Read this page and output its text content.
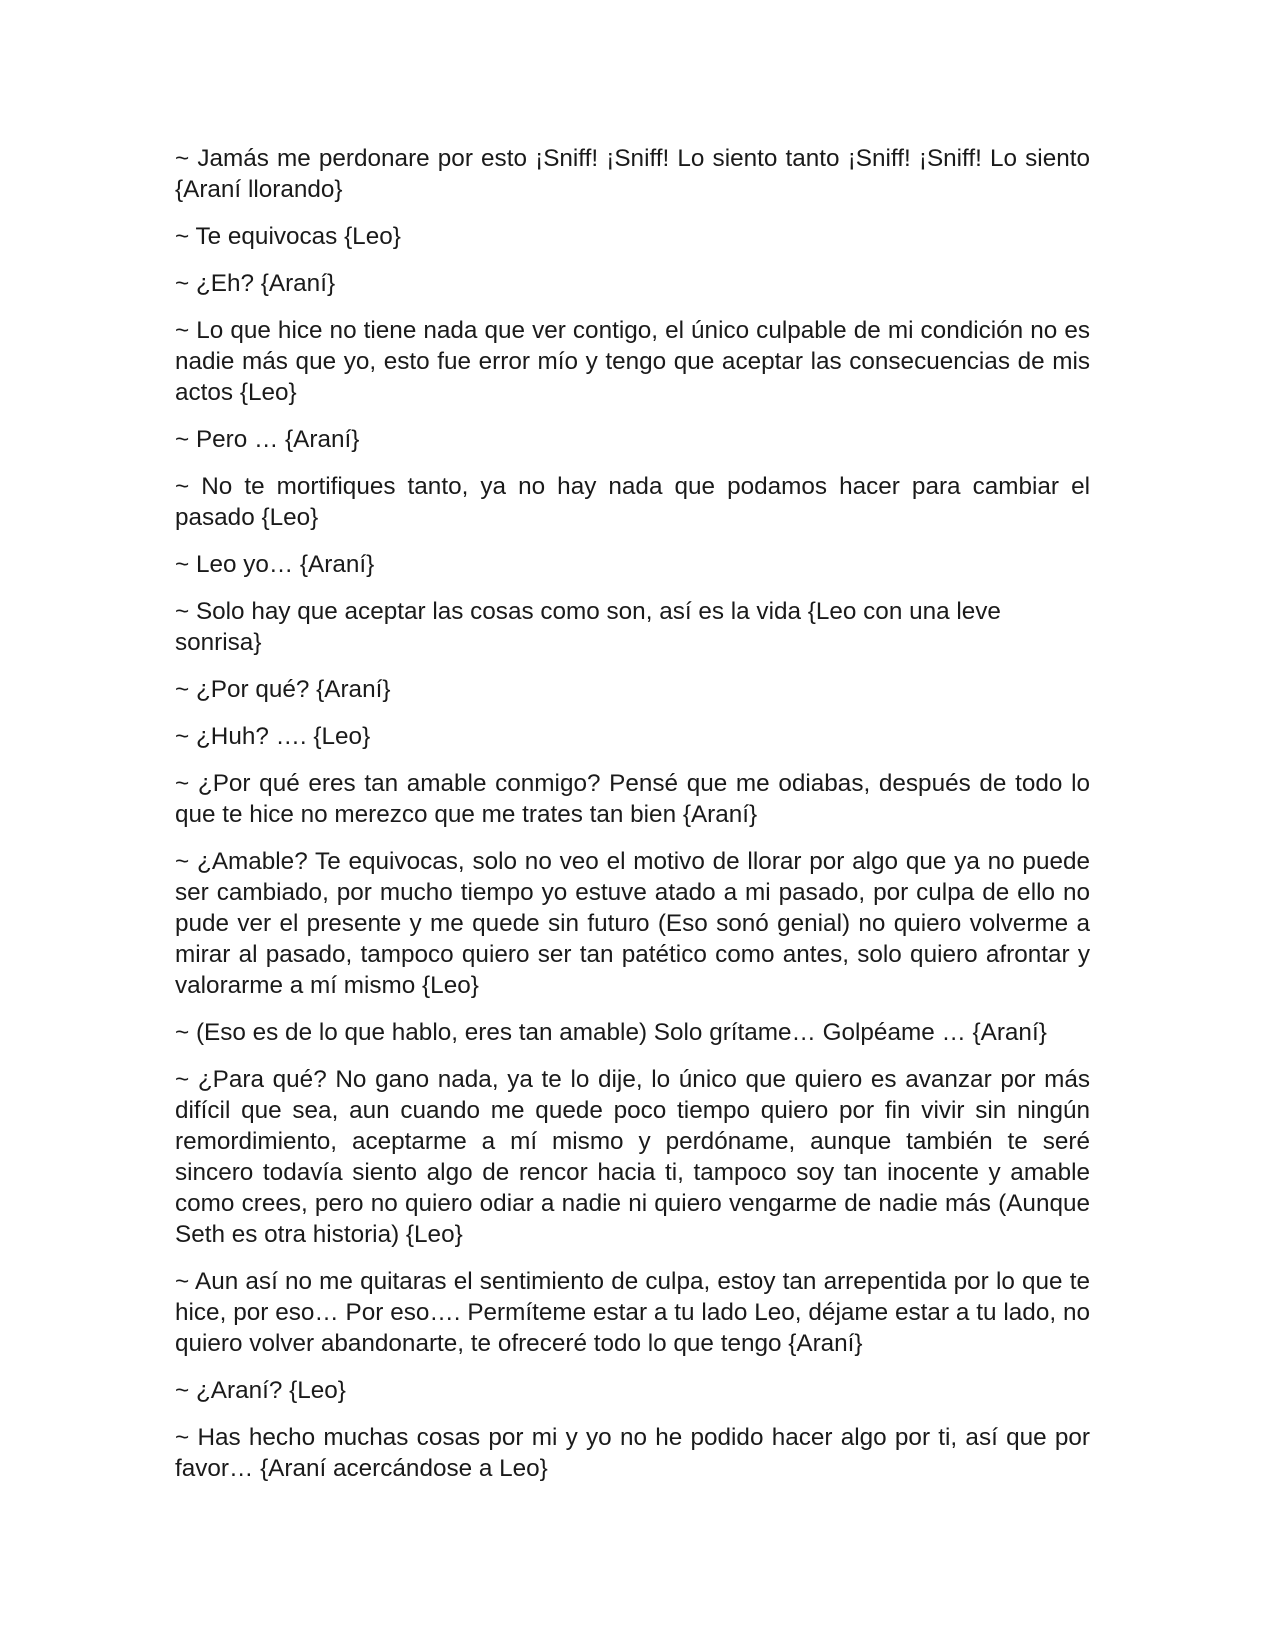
~ Jamás me perdonare por esto ¡Sniff! ¡Sniff! Lo siento tanto ¡Sniff! ¡Sniff! Lo siento {Araní llorando}

~ Te equivocas {Leo}

~ ¿Eh? {Araní}

~ Lo que hice no tiene nada que ver contigo, el único culpable de mi condición no es nadie más que yo, esto fue error mío y tengo que aceptar las consecuencias de mis actos {Leo}

~ Pero … {Araní}

~ No te mortifiques tanto, ya no hay nada que podamos hacer para cambiar el pasado {Leo}

~ Leo yo… {Araní}

~ Solo hay que aceptar las cosas como son, así es la vida {Leo con una leve sonrisa}

~ ¿Por qué? {Araní}

~ ¿Huh? …. {Leo}

~ ¿Por qué eres tan amable conmigo? Pensé que me odiabas, después de todo lo que te hice no merezco que me trates tan bien {Araní}

~ ¿Amable? Te equivocas, solo no veo el motivo de llorar por algo que ya no puede ser cambiado, por mucho tiempo yo estuve atado a mi pasado, por culpa de ello no pude ver el presente y me quede sin futuro (Eso sonó genial) no quiero volverme a mirar al pasado, tampoco quiero ser tan patético como antes, solo quiero afrontar y valorarme a mí mismo {Leo}

~ (Eso es de lo que hablo, eres tan amable) Solo grítame… Golpéame … {Araní}

~ ¿Para qué? No gano nada, ya te lo dije, lo único que quiero es avanzar por más difícil que sea, aun cuando me quede poco tiempo quiero por fin vivir sin ningún remordimiento, aceptarme a mí mismo y perdóname, aunque también te seré sincero todavía siento algo de rencor hacia ti, tampoco soy tan inocente y amable como crees, pero no quiero odiar a nadie ni quiero vengarme de nadie más (Aunque Seth es otra historia) {Leo}

~ Aun así no me quitaras el sentimiento de culpa, estoy tan arrepentida por lo que te hice, por eso… Por eso…. Permíteme estar a tu lado Leo, déjame estar a tu lado, no quiero volver abandonarte, te ofreceré todo lo que tengo {Araní}

~ ¿Araní? {Leo}

~ Has hecho muchas cosas por mi y yo no he podido hacer algo por ti, así que por favor… {Araní acercándose a Leo}
